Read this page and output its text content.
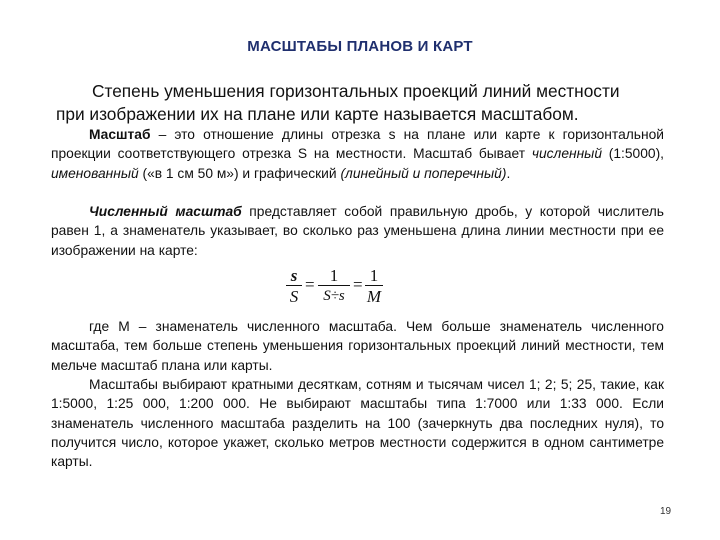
МАСШТАБЫ ПЛАНОВ И КАРТ
Степень уменьшения горизонтальных проекций линий местности
при изображении их на плане или карте называется масштабом.
Масштаб – это отношение длины отрезка s на плане или карте к горизонтальной проекции соответствующего отрезка S на местности. Масштаб бывает численный (1:5000), именованный («в 1 см 50 м») и графический (линейный и поперечный).
Численный масштаб представляет собой правильную дробь, у которой числитель равен 1, а знаменатель указывает, во сколько раз уменьшена длина линии местности при ее изображении на карте:
s
S
= 1
S÷s
= 1
M
где М – знаменатель численного масштаба. Чем больше знаменатель численного масштаба, тем больше степень уменьшения горизонтальных проекций линий местности, тем мельче масштаб плана или карты.
Масштабы выбирают кратными десяткам, сотням и тысячам чисел 1; 2; 5; 25, такие, как 1:5000, 1:25 000, 1:200 000. Не выбирают масштабы типа 1:7000 или 1:33 000. Если знаменатель численного масштаба разделить на 100 (зачеркнуть два последних нуля), то получится число, которое укажет, сколько метров местности содержится в одном сантиметре карты.
19
